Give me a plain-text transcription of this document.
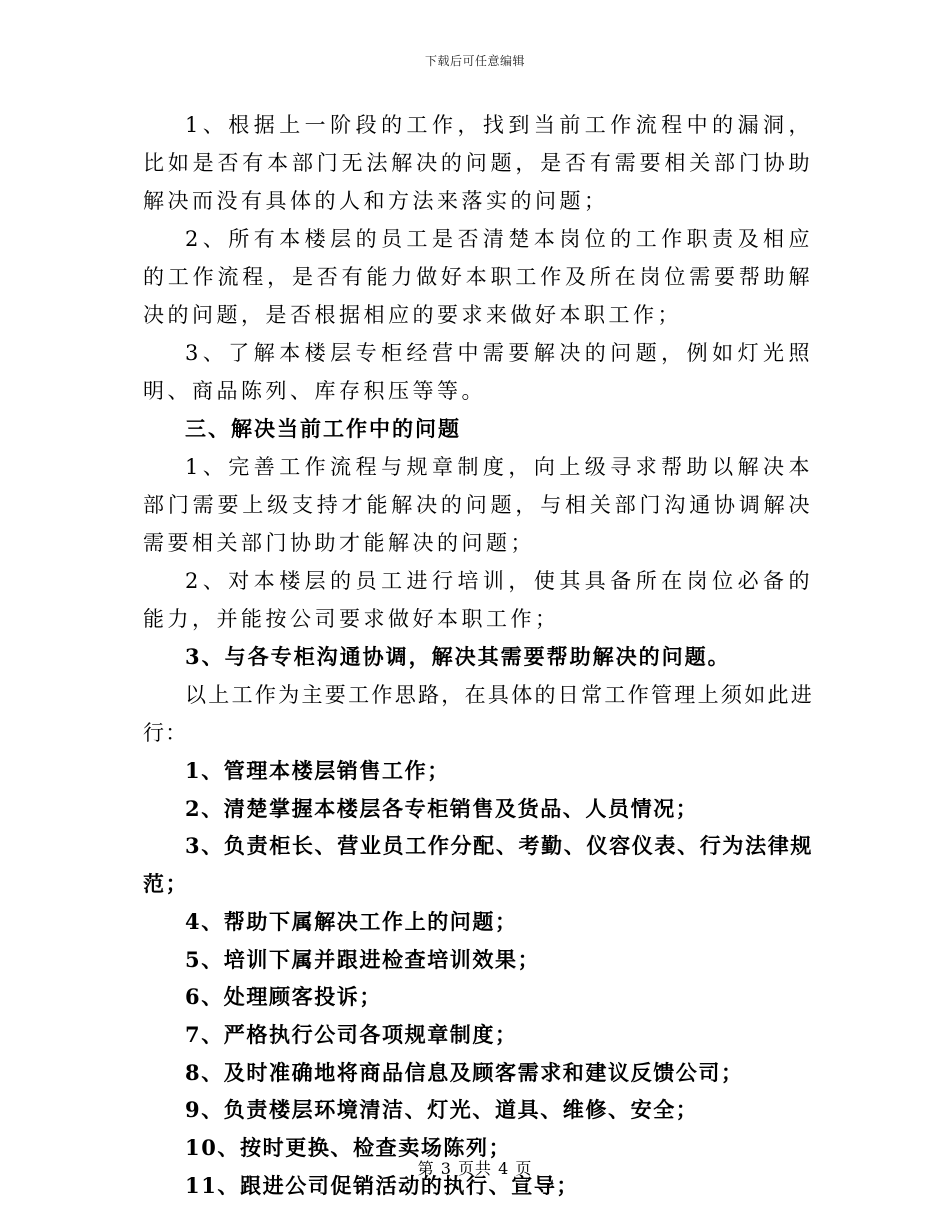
下载后可任意编辑

1、根据上一阶段的工作，找到当前工作流程中的漏洞，比如是否有本部门无法解决的问题，是否有需要相关部门协助解决而没有具体的人和方法来落实的问题；

2、所有本楼层的员工是否清楚本岗位的工作职责及相应的工作流程，是否有能力做好本职工作及所在岗位需要帮助解决的问题，是否根据相应的要求来做好本职工作；

3、了解本楼层专柜经营中需要解决的问题，例如灯光照明、商品陈列、库存积压等等。

三、解决当前工作中的问题

1、完善工作流程与规章制度，向上级寻求帮助以解决本部门需要上级支持才能解决的问题，与相关部门沟通协调解决需要相关部门协助才能解决的问题；

2、对本楼层的员工进行培训，使其具备所在岗位必备的能力，并能按公司要求做好本职工作；

3、与各专柜沟通协调，解决其需要帮助解决的问题。

以上工作为主要工作思路，在具体的日常工作管理上须如此进行：

1、管理本楼层销售工作；

2、清楚掌握本楼层各专柜销售及货品、人员情况；

3、负责柜长、营业员工作分配、考勤、仪容仪表、行为法律规范；

4、帮助下属解决工作上的问题；

5、培训下属并跟进检查培训效果；

6、处理顾客投诉；

7、严格执行公司各项规章制度；

8、及时准确地将商品信息及顾客需求和建议反馈公司；

9、负责楼层环境清洁、灯光、道具、维修、安全；

10、按时更换、检查卖场陈列；

11、跟进公司促销活动的执行、宣导；

第 3 页共 4 页
